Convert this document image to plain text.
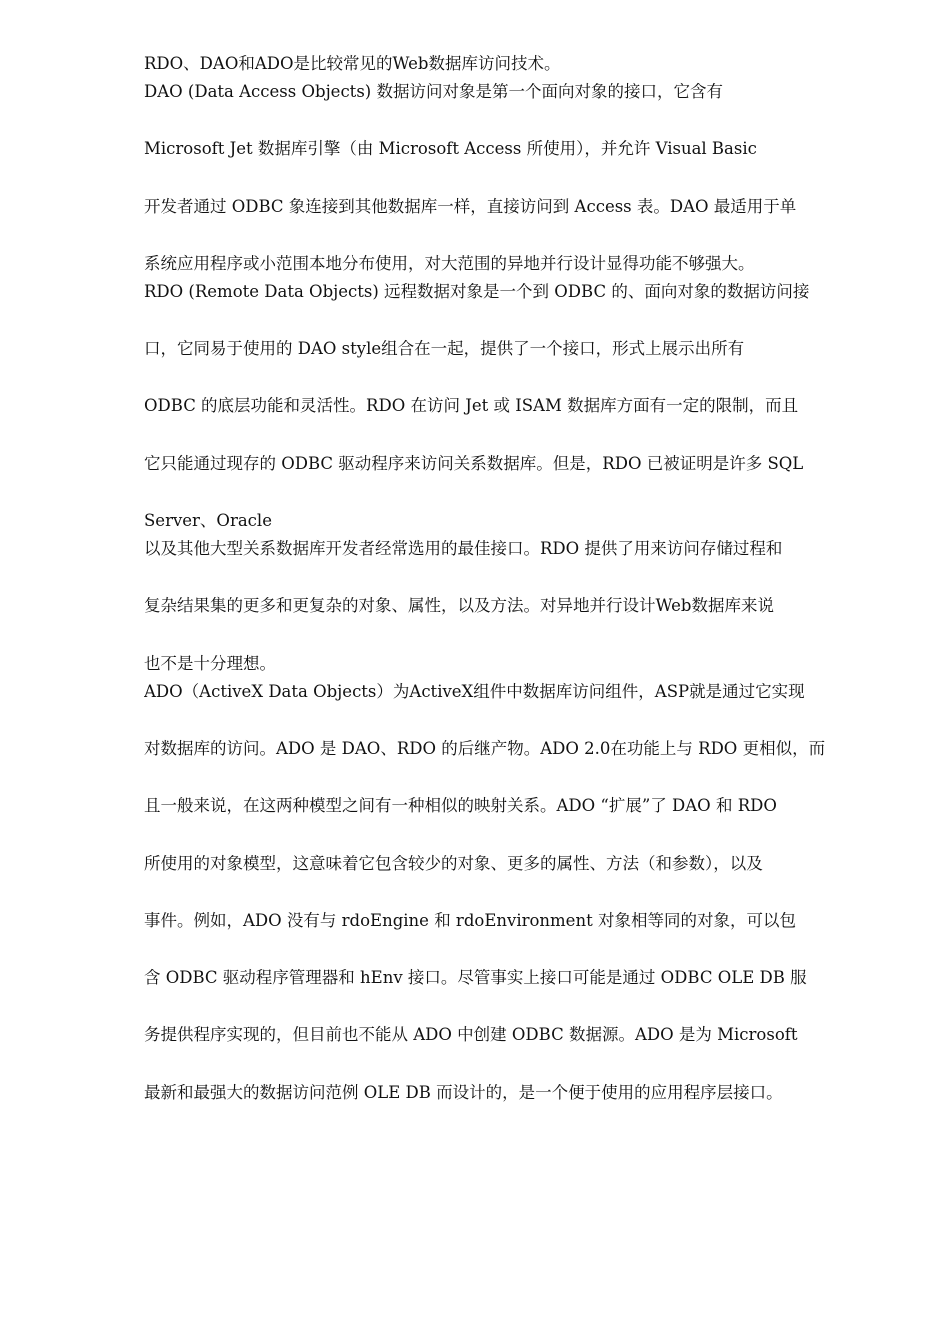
RDO、DAO和ADO是比较常见的Web数据库访问技术。
DAO (Data Access Objects) 数据访问对象是第一个面向对象的接口，它含有
Microsoft Jet 数据库引擎（由 Microsoft Access 所使用），并允许 Visual Basic
开发者通过 ODBC 象连接到其他数据库一样，直接访问到 Access 表。DAO 最适用于单
系统应用程序或小范围本地分布使用，对大范围的异地并行设计显得功能不够强大。
RDO (Remote Data Objects) 远程数据对象是一个到 ODBC 的、面向对象的数据访问接
口，它同易于使用的 DAO style组合在一起，提供了一个接口，形式上展示出所有
ODBC 的底层功能和灵活性。RDO 在访问 Jet 或 ISAM 数据库方面有一定的限制，而且
它只能通过现存的 ODBC 驱动程序来访问关系数据库。但是，RDO 已被证明是许多 SQL
Server、Oracle
以及其他大型关系数据库开发者经常选用的最佳接口。RDO 提供了用来访问存储过程和
复杂结果集的更多和更复杂的对象、属性，以及方法。对异地并行设计Web数据库来说
也不是十分理想。
ADO（ActiveX Data Objects）为ActiveX组件中数据库访问组件，ASP就是通过它实现
对数据库的访问。ADO 是 DAO、RDO 的后继产物。ADO 2.0在功能上与 RDO 更相似，而
且一般来说，在这两种模型之间有一种相似的映射关系。ADO “扩展”了 DAO 和 RDO
所使用的对象模型，这意味着它包含较少的对象、更多的属性、方法（和参数），以及
事件。例如，ADO 没有与 rdoEngine 和 rdoEnvironment 对象相等同的对象，可以包
含 ODBC 驱动程序管理器和 hEnv 接口。尽管事实上接口可能是通过 ODBC OLE DB 服
务提供程序实现的，但目前也不能从 ADO 中创建 ODBC 数据源。ADO 是为 Microsoft
最新和最强大的数据访问范例 OLE DB 而设计的，是一个便于使用的应用程序层接口。
